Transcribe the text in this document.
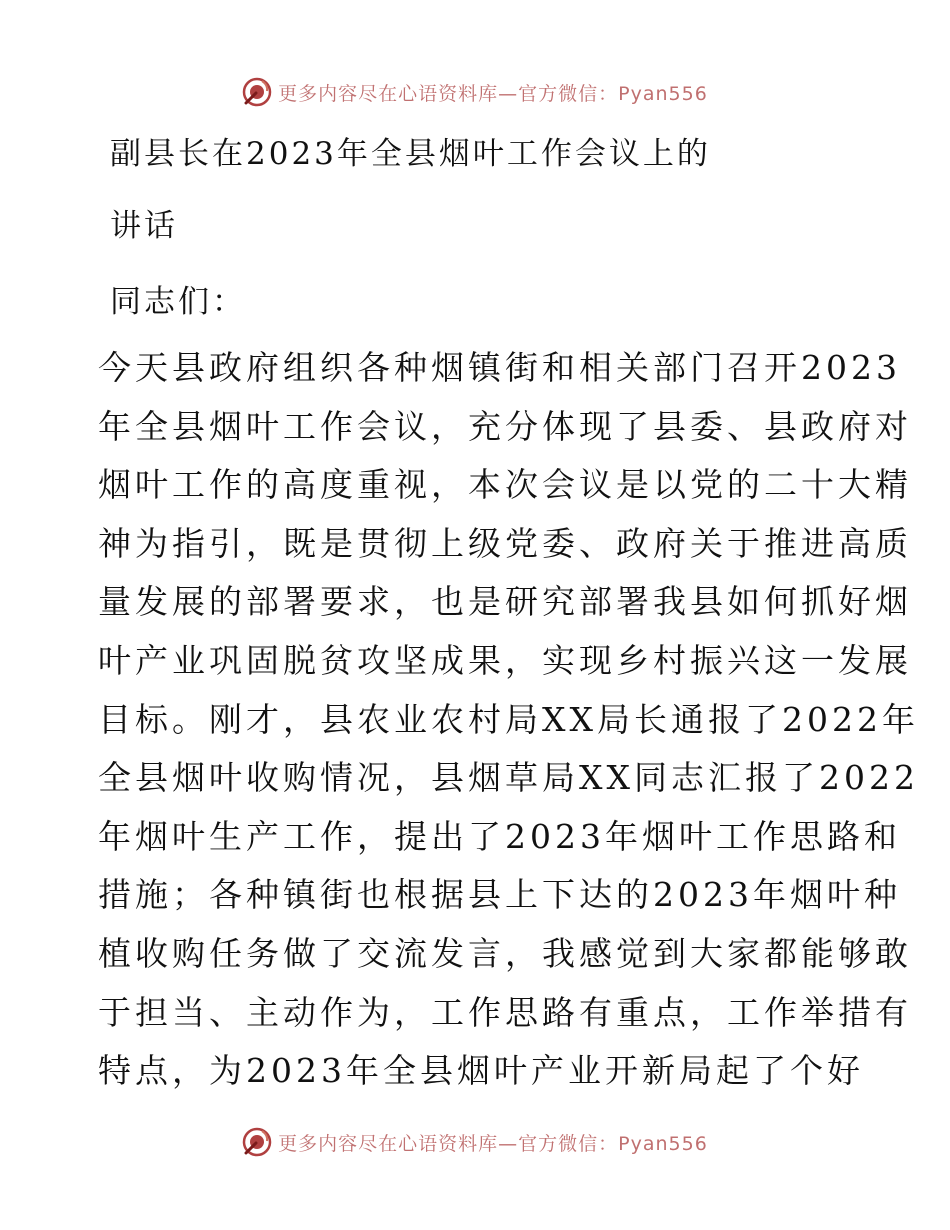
更多内容尽在心语资料库—官方微信：Pyan556
副县长在2023年全县烟叶工作会议上的
讲话
同志们：
今天县政府组织各种烟镇街和相关部门召开2023
年全县烟叶工作会议，充分体现了县委、县政府对
烟叶工作的高度重视，本次会议是以党的二十大精
神为指引，既是贯彻上级党委、政府关于推进高质
量发展的部署要求，也是研究部署我县如何抓好烟
叶产业巩固脱贫攻坚成果，实现乡村振兴这一发展
目标。刚才，县农业农村局XX局长通报了2022年
全县烟叶收购情况，县烟草局XX同志汇报了2022
年烟叶生产工作，提出了2023年烟叶工作思路和
措施；各种镇街也根据县上下达的2023年烟叶种
植收购任务做了交流发言，我感觉到大家都能够敢
于担当、主动作为，工作思路有重点，工作举措有
特点，为2023年全县烟叶产业开新局起了个好
更多内容尽在心语资料库—官方微信：Pyan556
